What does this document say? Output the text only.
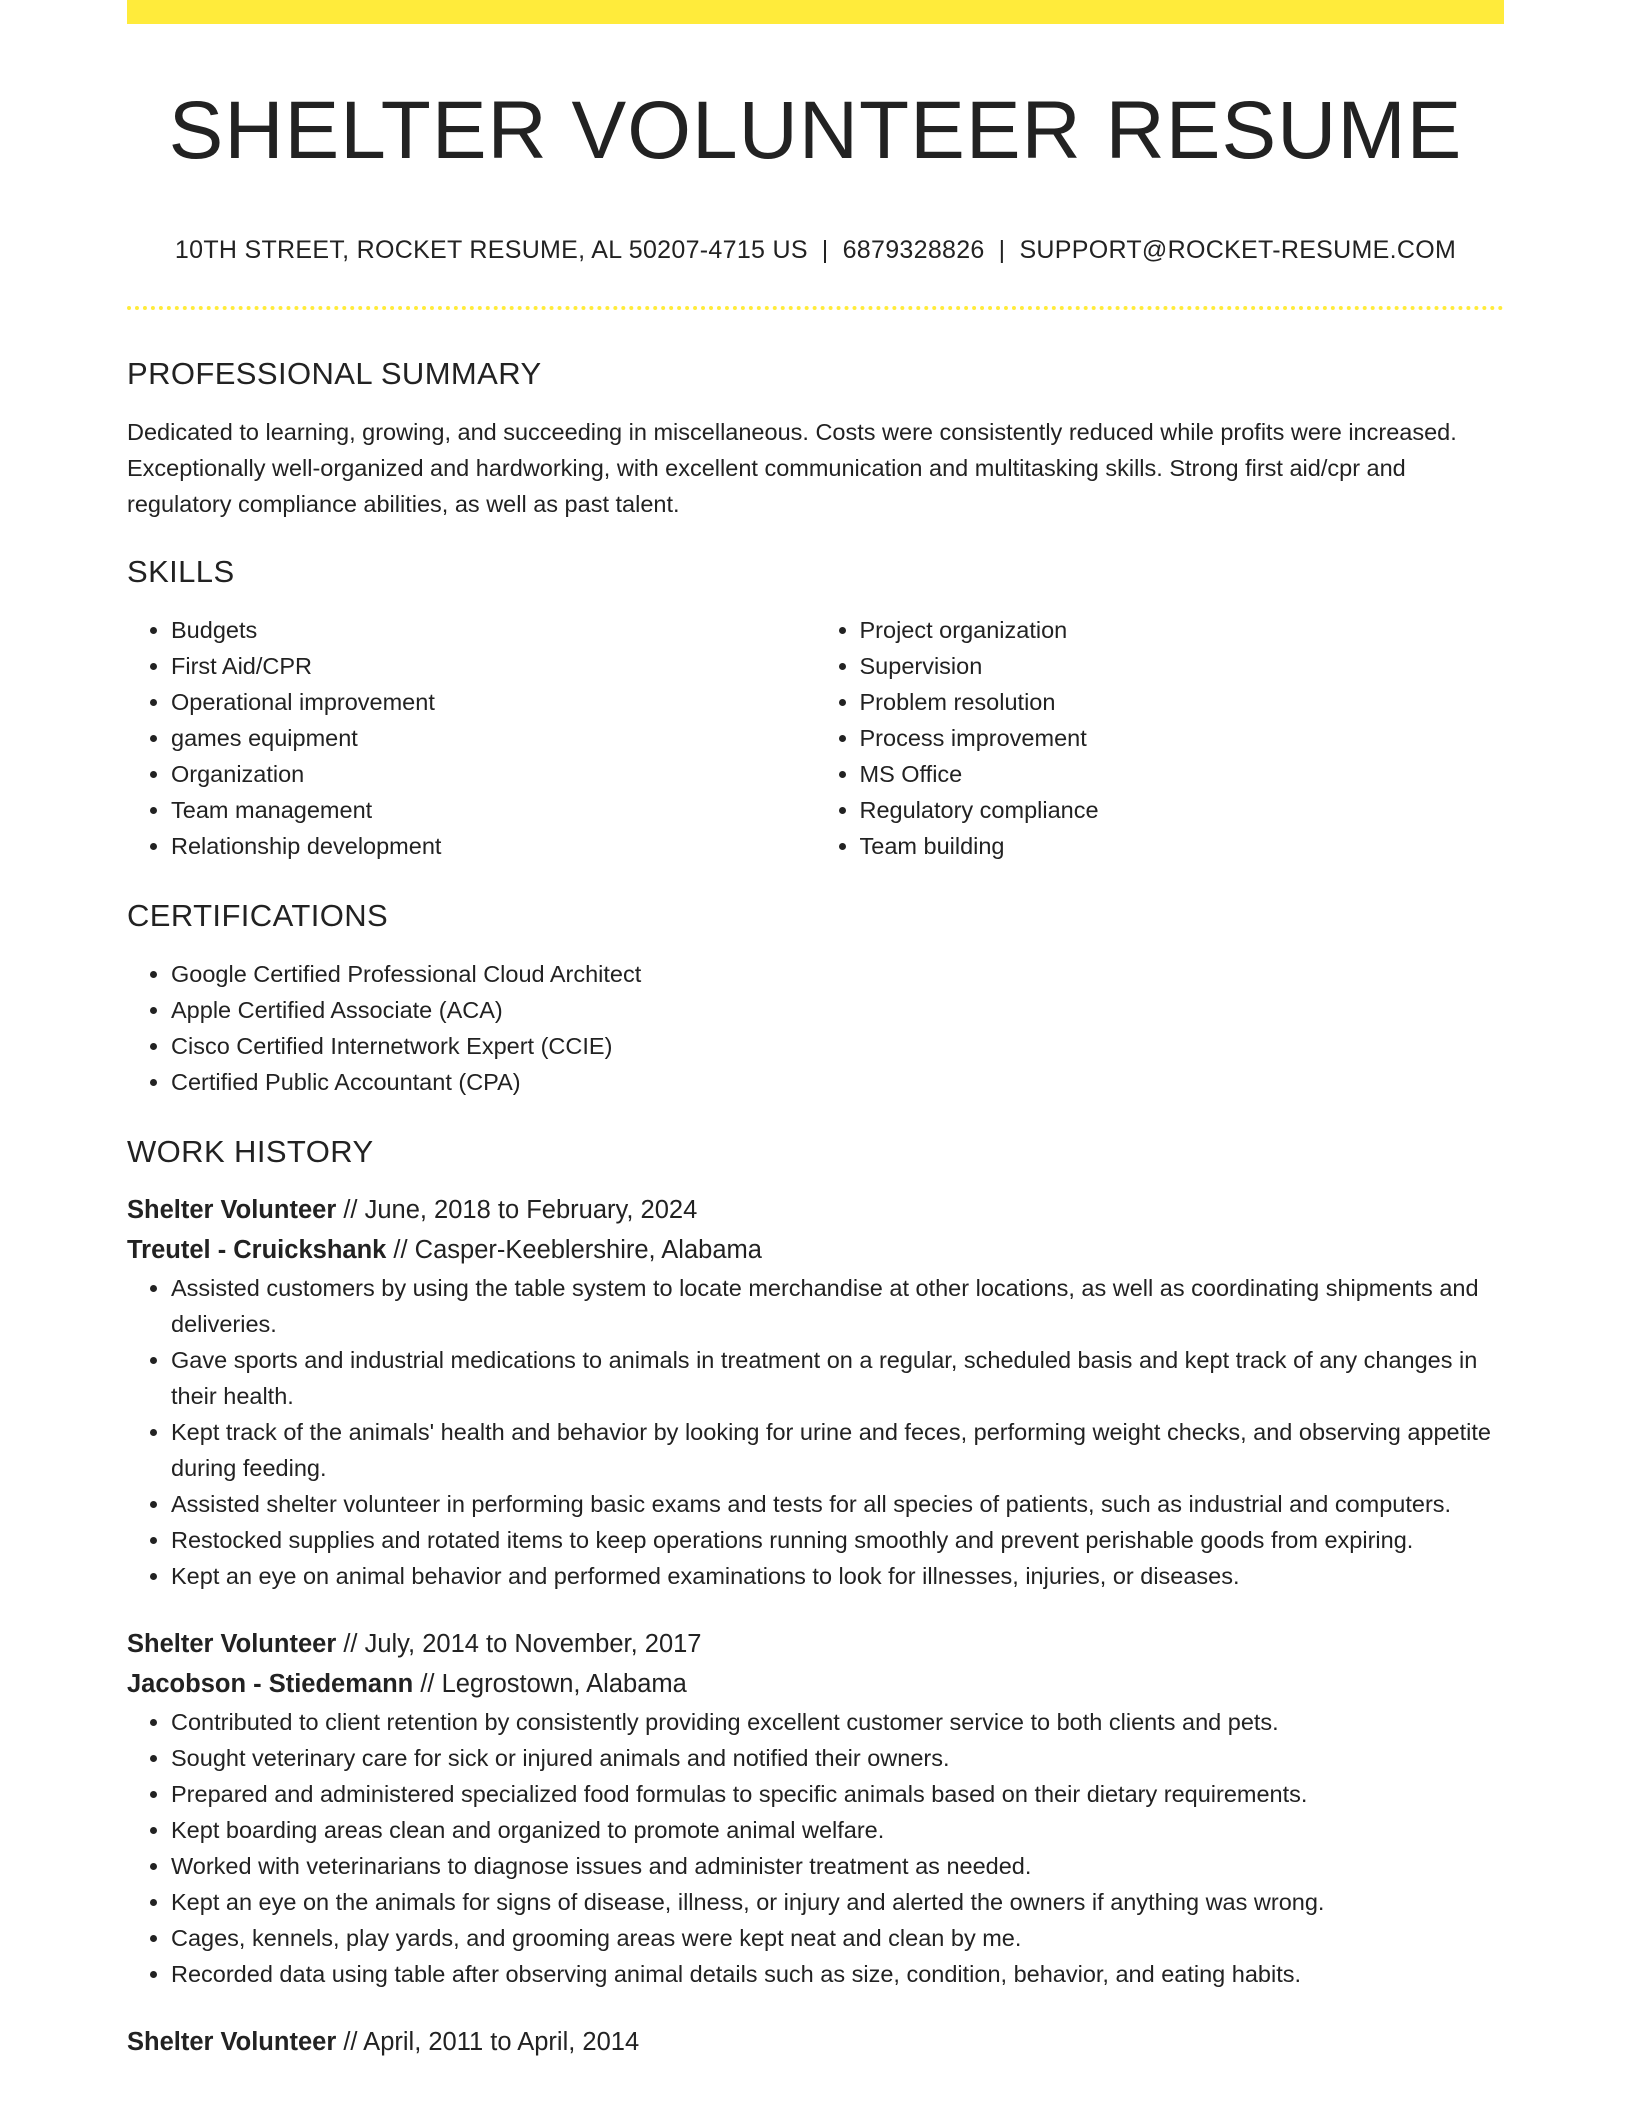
SHELTER VOLUNTEER RESUME
10TH STREET, ROCKET RESUME, AL 50207-4715 US | 6879328826 | SUPPORT@ROCKET-RESUME.COM
PROFESSIONAL SUMMARY

Dedicated to learning, growing, and succeeding in miscellaneous. Costs were consistently reduced while profits were increased. Exceptionally well-organized and hardworking, with excellent communication and multitasking skills. Strong first aid/cpr and regulatory compliance abilities, as well as past talent.

SKILLS
• Budgets
• First Aid/CPR
• Operational improvement
• games equipment
• Organization
• Team management
• Relationship development
• Project organization
• Supervision
• Problem resolution
• Process improvement
• MS Office
• Regulatory compliance
• Team building
CERTIFICATIONS
• Google Certified Professional Cloud Architect
• Apple Certified Associate (ACA)
• Cisco Certified Internetwork Expert (CCIE)
• Certified Public Accountant (CPA)
WORK HISTORY

Shelter Volunteer // June, 2018 to February, 2024

Treutel - Cruickshank // Casper-Keeblershire, Alabama

• Assisted customers by using the table system to locate merchandise at other locations, as well as coordinating shipments and deliveries.
• Gave sports and industrial medications to animals in treatment on a regular, scheduled basis and kept track of any changes in their health.
• Kept track of the animals' health and behavior by looking for urine and feces, performing weight checks, and observing appetite during feeding.
• Assisted shelter volunteer in performing basic exams and tests for all species of patients, such as industrial and computers.
• Restocked supplies and rotated items to keep operations running smoothly and prevent perishable goods from expiring.
• Kept an eye on animal behavior and performed examinations to look for illnesses, injuries, or diseases.

Shelter Volunteer // July, 2014 to November, 2017

Jacobson - Stiedemann // Legrostown, Alabama

• Contributed to client retention by consistently providing excellent customer service to both clients and pets.
• Sought veterinary care for sick or injured animals and notified their owners.
• Prepared and administered specialized food formulas to specific animals based on their dietary requirements.
• Kept boarding areas clean and organized to promote animal welfare.
• Worked with veterinarians to diagnose issues and administer treatment as needed.
• Kept an eye on the animals for signs of disease, illness, or injury and alerted the owners if anything was wrong.
• Cages, kennels, play yards, and grooming areas were kept neat and clean by me.
• Recorded data using table after observing animal details such as size, condition, behavior, and eating habits.

Shelter Volunteer // April, 2011 to April, 2014
